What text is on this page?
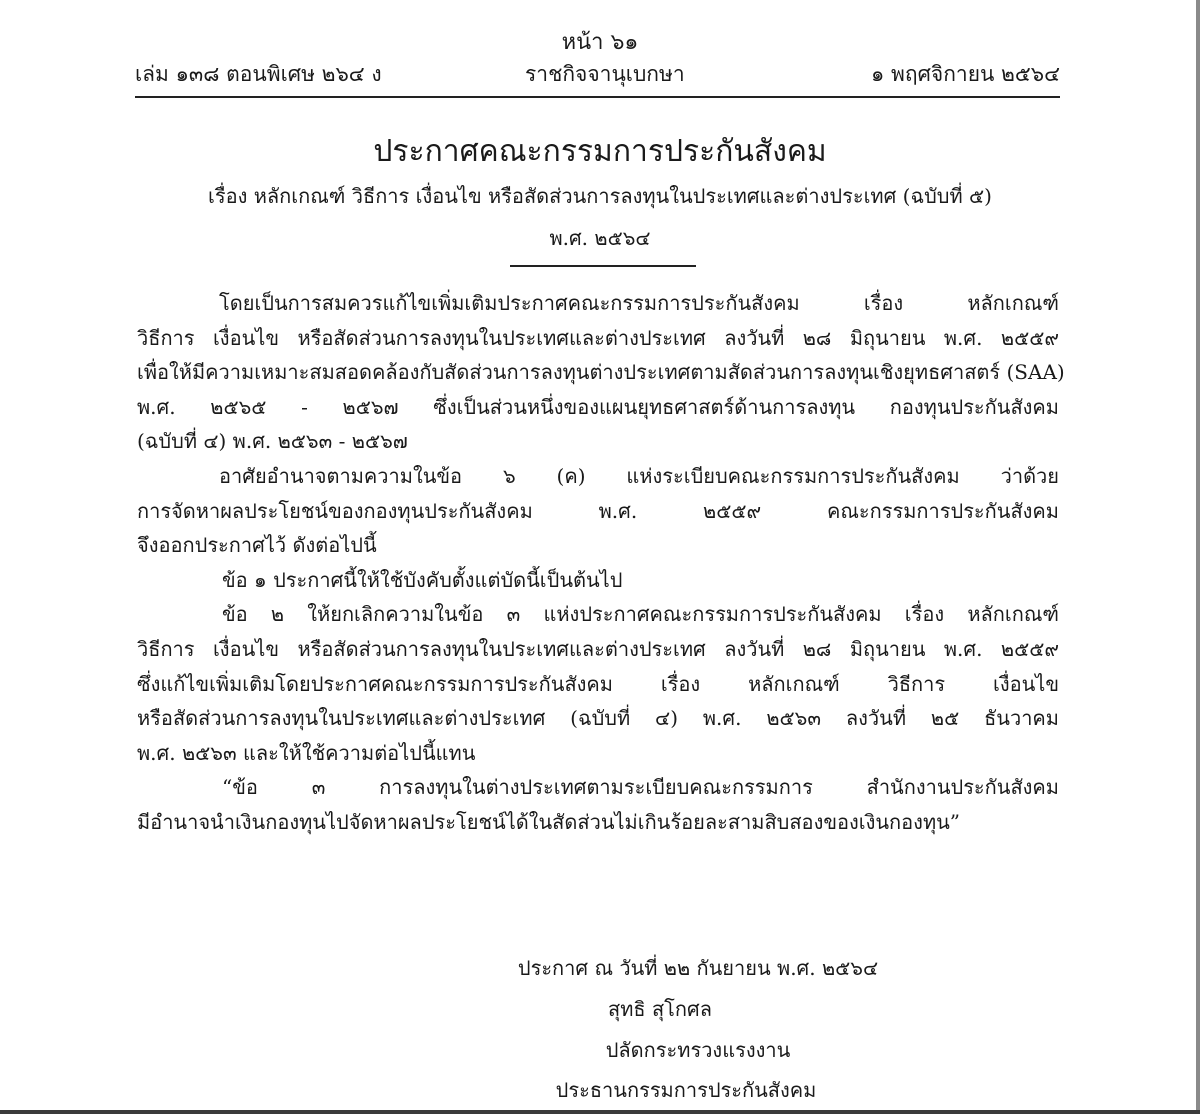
หน้า ๖๑
เล่ม ๑๓๘ ตอนพิเศษ ๒๖๔ ง	ราชกิจจานุเบกษา	๑ พฤศจิกายน ๒๕๖๔
ประกาศคณะกรรมการประกันสังคม
เรื่อง หลักเกณฑ์ วิธีการ เงื่อนไข หรือสัดส่วนการลงทุนในประเทศและต่างประเทศ (ฉบับที่ ๕)
พ.ศ. ๒๕๖๔
โดยเป็นการสมควรแก้ไขเพิ่มเติมประกาศคณะกรรมการประกันสังคม เรื่อง หลักเกณฑ์
วิธีการ เงื่อนไข หรือสัดส่วนการลงทุนในประเทศและต่างประเทศ ลงวันที่ ๒๘ มิถุนายน พ.ศ. ๒๕๕๙
เพื่อให้มีความเหมาะสมสอดคล้องกับสัดส่วนการลงทุนต่างประเทศตามสัดส่วนการลงทุนเชิงยุทธศาสตร์ (SAA)
พ.ศ. ๒๕๖๕ - ๒๕๖๗ ซึ่งเป็นส่วนหนึ่งของแผนยุทธศาสตร์ด้านการลงทุน กองทุนประกันสังคม
(ฉบับที่ ๔) พ.ศ. ๒๕๖๓ - ๒๕๖๗
อาศัยอำนาจตามความในข้อ ๖ (ค) แห่งระเบียบคณะกรรมการประกันสังคม ว่าด้วย
การจัดหาผลประโยชน์ของกองทุนประกันสังคม พ.ศ. ๒๕๕๙ คณะกรรมการประกันสังคม
จึงออกประกาศไว้ ดังต่อไปนี้
ข้อ ๑ ประกาศนี้ให้ใช้บังคับตั้งแต่บัดนี้เป็นต้นไป
ข้อ ๒ ให้ยกเลิกความในข้อ ๓ แห่งประกาศคณะกรรมการประกันสังคม เรื่อง หลักเกณฑ์
วิธีการ เงื่อนไข หรือสัดส่วนการลงทุนในประเทศและต่างประเทศ ลงวันที่ ๒๘ มิถุนายน พ.ศ. ๒๕๕๙
ซึ่งแก้ไขเพิ่มเติมโดยประกาศคณะกรรมการประกันสังคม เรื่อง หลักเกณฑ์ วิธีการ เงื่อนไข
หรือสัดส่วนการลงทุนในประเทศและต่างประเทศ (ฉบับที่ ๔) พ.ศ. ๒๕๖๓ ลงวันที่ ๒๕ ธันวาคม
พ.ศ. ๒๕๖๓ และให้ใช้ความต่อไปนี้แทน
“ข้อ ๓ การลงทุนในต่างประเทศตามระเบียบคณะกรรมการ สำนักงานประกันสังคม
มีอำนาจนำเงินกองทุนไปจัดหาผลประโยชน์ได้ในสัดส่วนไม่เกินร้อยละสามสิบสองของเงินกองทุน”
ประกาศ ณ วันที่ ๒๒ กันยายน พ.ศ. ๒๕๖๔
สุทธิ สุโกศล
ปลัดกระทรวงแรงงาน
ประธานกรรมการประกันสังคม
